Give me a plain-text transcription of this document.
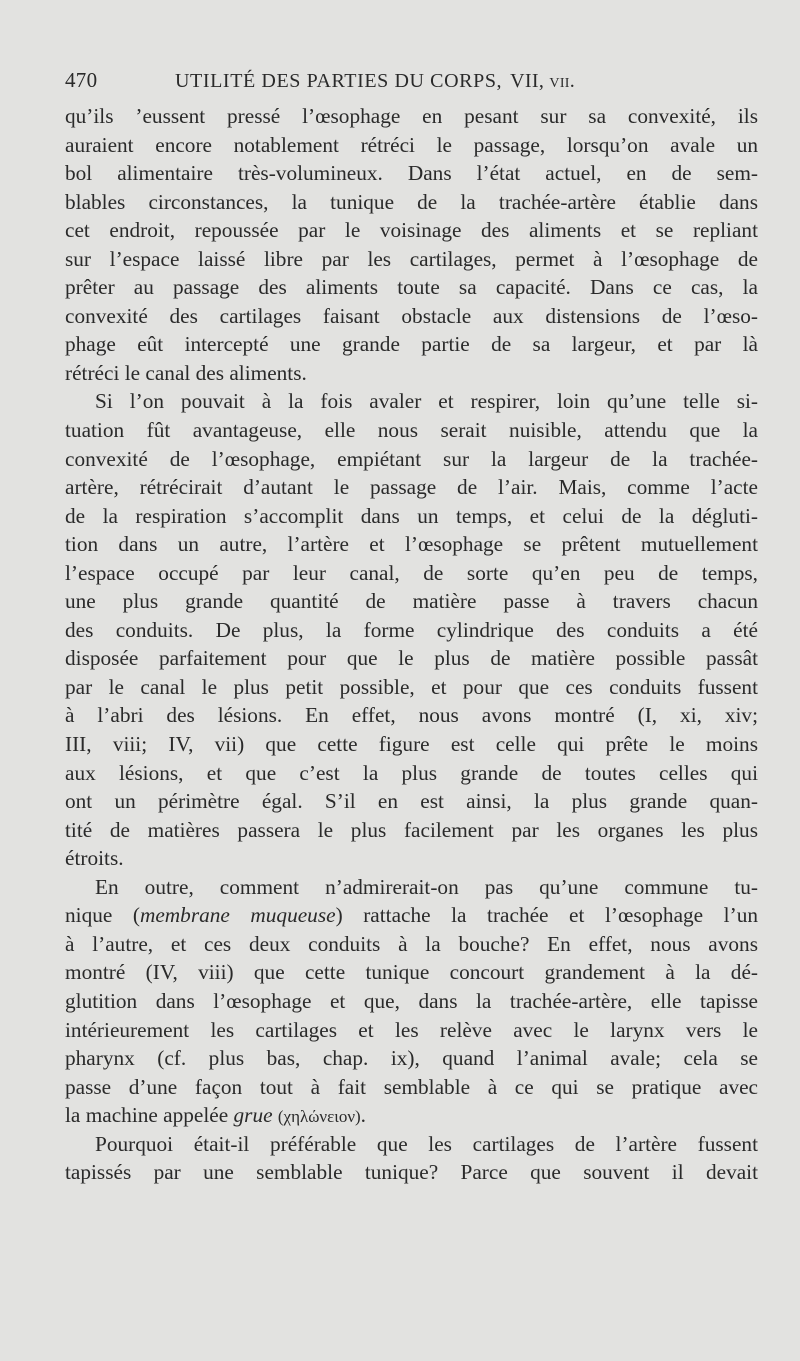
470	UTILITÉ DES PARTIES DU CORPS, VII, vii.
qu’ils ’eussent pressé l’œsophage en pesant sur sa convexité, ils
auraient encore notablement rétréci le passage, lorsqu’on avale un
bol alimentaire très-volumineux. Dans l’état actuel, en de sem-
blables circonstances, la tunique de la trachée-artère établie dans
cet endroit, repoussée par le voisinage des aliments et se repliant
sur l’espace laissé libre par les cartilages, permet à l’œsophage de
prêter au passage des aliments toute sa capacité. Dans ce cas, la
convexité des cartilages faisant obstacle aux distensions de l’œso-
phage eût intercepté une grande partie de sa largeur, et par là
rétréci le canal des aliments.
Si l’on pouvait à la fois avaler et respirer, loin qu’une telle si-
tuation fût avantageuse, elle nous serait nuisible, attendu que la
convexité de l’œsophage, empiétant sur la largeur de la trachée-
artère, rétrécirait d’autant le passage de l’air. Mais, comme l’acte
de la respiration s’accomplit dans un temps, et celui de la dégluti-
tion dans un autre, l’artère et l’œsophage se prêtent mutuellement
l’espace occupé par leur canal, de sorte qu’en peu de temps,
une plus grande quantité de matière passe à travers chacun
des conduits. De plus, la forme cylindrique des conduits a été
disposée parfaitement pour que le plus de matière possible passât
par le canal le plus petit possible, et pour que ces conduits fussent
à l’abri des lésions. En effet, nous avons montré (I, xi, xiv;
III, viii; IV, vii) que cette figure est celle qui prête le moins
aux lésions, et que c’est la plus grande de toutes celles qui
ont un périmètre égal. S’il en est ainsi, la plus grande quan-
tité de matières passera le plus facilement par les organes les plus
étroits.
En outre, comment n’admirerait-on pas qu’une commune tu-
nique (membrane muqueuse) rattache la trachée et l’œsophage l’un
à l’autre, et ces deux conduits à la bouche? En effet, nous avons
montré (IV, viii) que cette tunique concourt grandement à la dé-
glutition dans l’œsophage et que, dans la trachée-artère, elle tapisse
intérieurement les cartilages et les relève avec le larynx vers le
pharynx (cf. plus bas, chap. ix), quand l’animal avale; cela se
passe d’une façon tout à fait semblable à ce qui se pratique avec
la machine appelée grue (χηλώνειον).
Pourquoi était-il préférable que les cartilages de l’artère fussent
tapissés par une semblable tunique? Parce que souvent il devait
